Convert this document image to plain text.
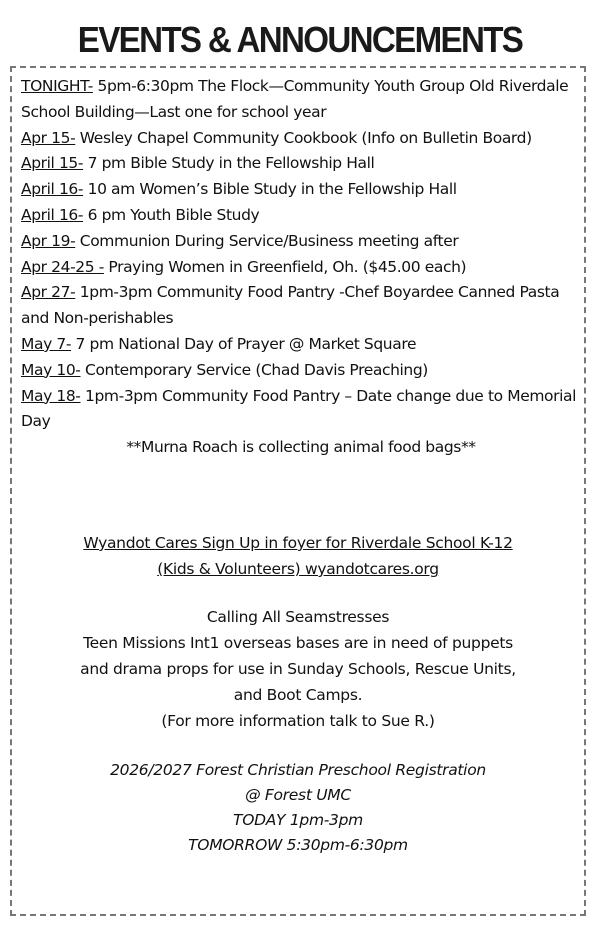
EVENTS & ANNOUNCEMENTS

TONIGHT- 5pm-6:30pm The Flock—Community Youth Group Old Riverdale School Building—Last one for school year

Apr 15- Wesley Chapel Community Cookbook (Info on Bulletin Board)

April 15- 7 pm Bible Study in the Fellowship Hall

April 16- 10 am Women’s Bible Study in the Fellowship Hall

April 16- 6 pm Youth Bible Study

Apr 19- Communion During Service/Business meeting after

Apr 24-25 - Praying Women in Greenfield, Oh. ($45.00 each)

Apr 27- 1pm-3pm Community Food Pantry -Chef Boyardee Canned Pasta and Non-perishables

May 7- 7 pm National Day of Prayer @ Market Square

May 10- Contemporary Service (Chad Davis Preaching)

May 18- 1pm-3pm Community Food Pantry – Date change due to Memorial Day

**Murna Roach is collecting animal food bags**

Wyandot Cares Sign Up in foyer for Riverdale School K-12
(Kids & Volunteers) wyandotcares.org
Calling All Seamstresses
Teen Missions Int1 overseas bases are in need of puppets
and drama props for use in Sunday Schools, Rescue Units,
and Boot Camps.
(For more information talk to Sue R.)
2026/2027 Forest Christian Preschool Registration
@ Forest UMC
TODAY 1pm-3pm
TOMORROW 5:30pm-6:30pm
